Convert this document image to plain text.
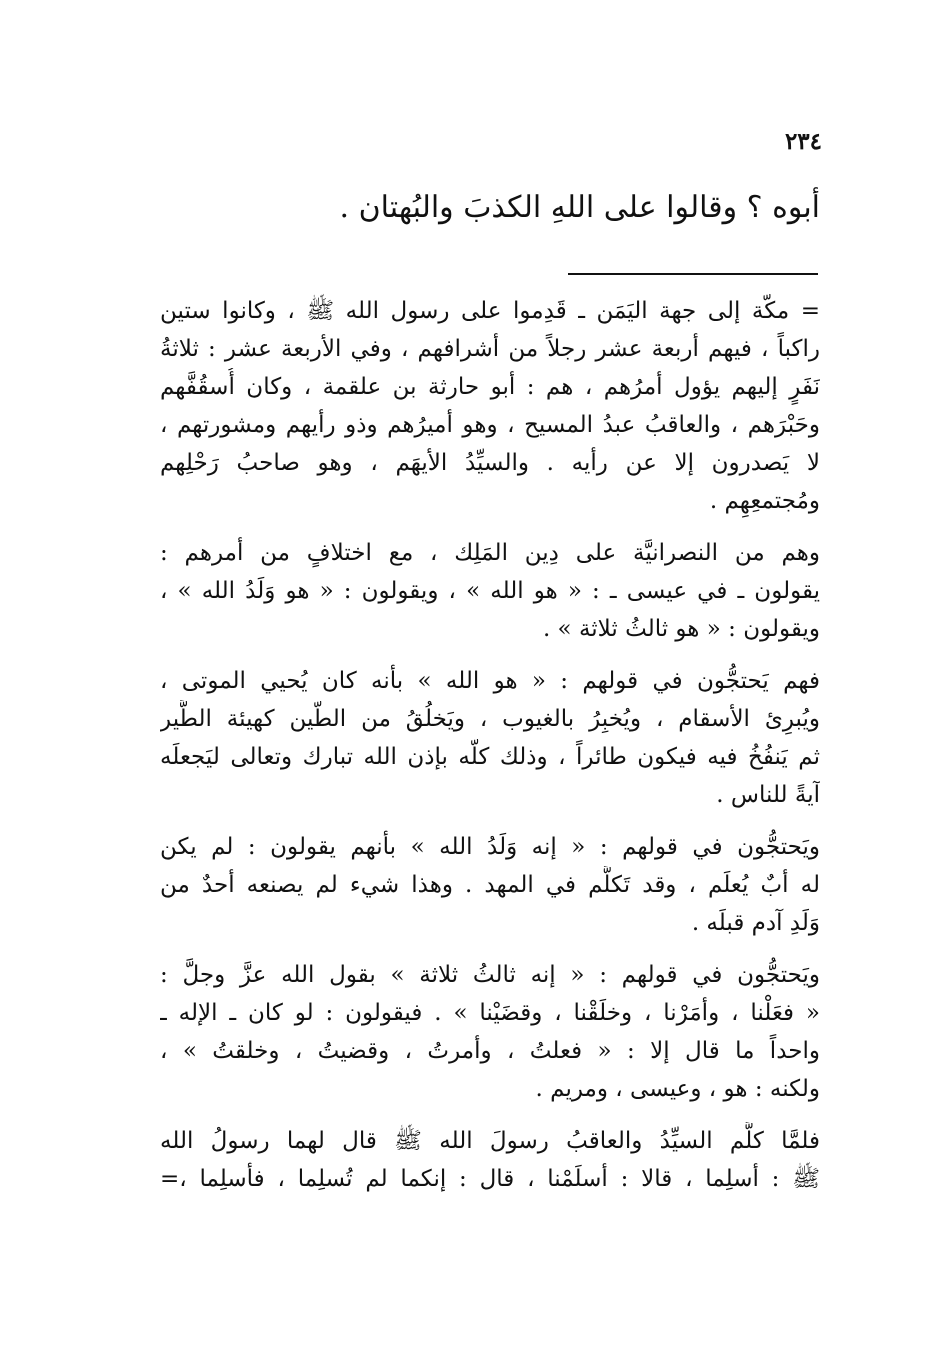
٢٣٤
أبوه ؟ وقالوا على اللهِ الكذبَ والبُهتان .
= مكّة إلى جهة اليَمَن ـ قَدِموا على رسول الله ﷺ ، وكانوا ستين
راكباً ، فيهم أربعة عشر رجلاً من أشرافهم ، وفي الأربعة عشر : ثلاثةُ
نَفَرٍ إليهم يؤول أمرُهم ، هم : أبو حارثة بن علقمة ، وكان أُسقُفَّهم
وحَبْرَهم ، والعاقبُ عبدُ المسيح ، وهو أميرُهم وذو رأيهم ومشورتهم ،
لا يَصدرون إلا عن رأيه . والسيِّدُ الأيهَم ، وهو صاحبُ رَحْلِهم
ومُجتمعِهِم .
وهم من النصرانيَّة على دِين المَلِك ، مع اختلافٍ من أمرهم :
يقولون ـ في عيسى ـ : « هو الله » ، ويقولون : « هو وَلَدُ الله » ،
ويقولون : « هو ثالثُ ثلاثة » .
فهم يَحتجُّون في قولهم : « هو الله » بأنه كان يُحيي الموتى ،
ويُبرِئ الأسقام ، ويُخبِرُ بالغيوب ، ويَخلُقُ من الطّين كهيئة الطَّير
ثم يَنفُخُ فيه فيكون طائراً ، وذلك كلّه بإذن الله تبارك وتعالى ليَجعلَه
آيةً للناس .
ويَحتجُّون في قولهم : « إنه وَلَدُ الله » بأنهم يقولون : لم يكن
له أبٌ يُعلَم ، وقد تَكلَّم في المهد . وهذا شيء لم يصنعه أحدٌ من
وَلَدِ آدم قبلَه .
ويَحتجُّون في قولهم : « إنه ثالثُ ثلاثة » بقول الله عزَّ وجلَّ :
« فعَلْنا ، وأمَرْنا ، وخلَقْنا ، وقضَيْنا » . فيقولون : لو كان ـ الإله ـ
واحداً ما قال إلا : « فعلتُ ، وأمرتُ ، وقضيتُ ، وخلقتُ » ،
ولكنه : هو ، وعيسى ، ومريم .
فلمَّا كلَّم السيِّدُ والعاقبُ رسولَ الله ﷺ قال لهما رسولُ الله
ﷺ : أسلِما ، قالا : أسلَمْنا ، قال : إنكما لم تُسلِما ، فأسلِما ،=
